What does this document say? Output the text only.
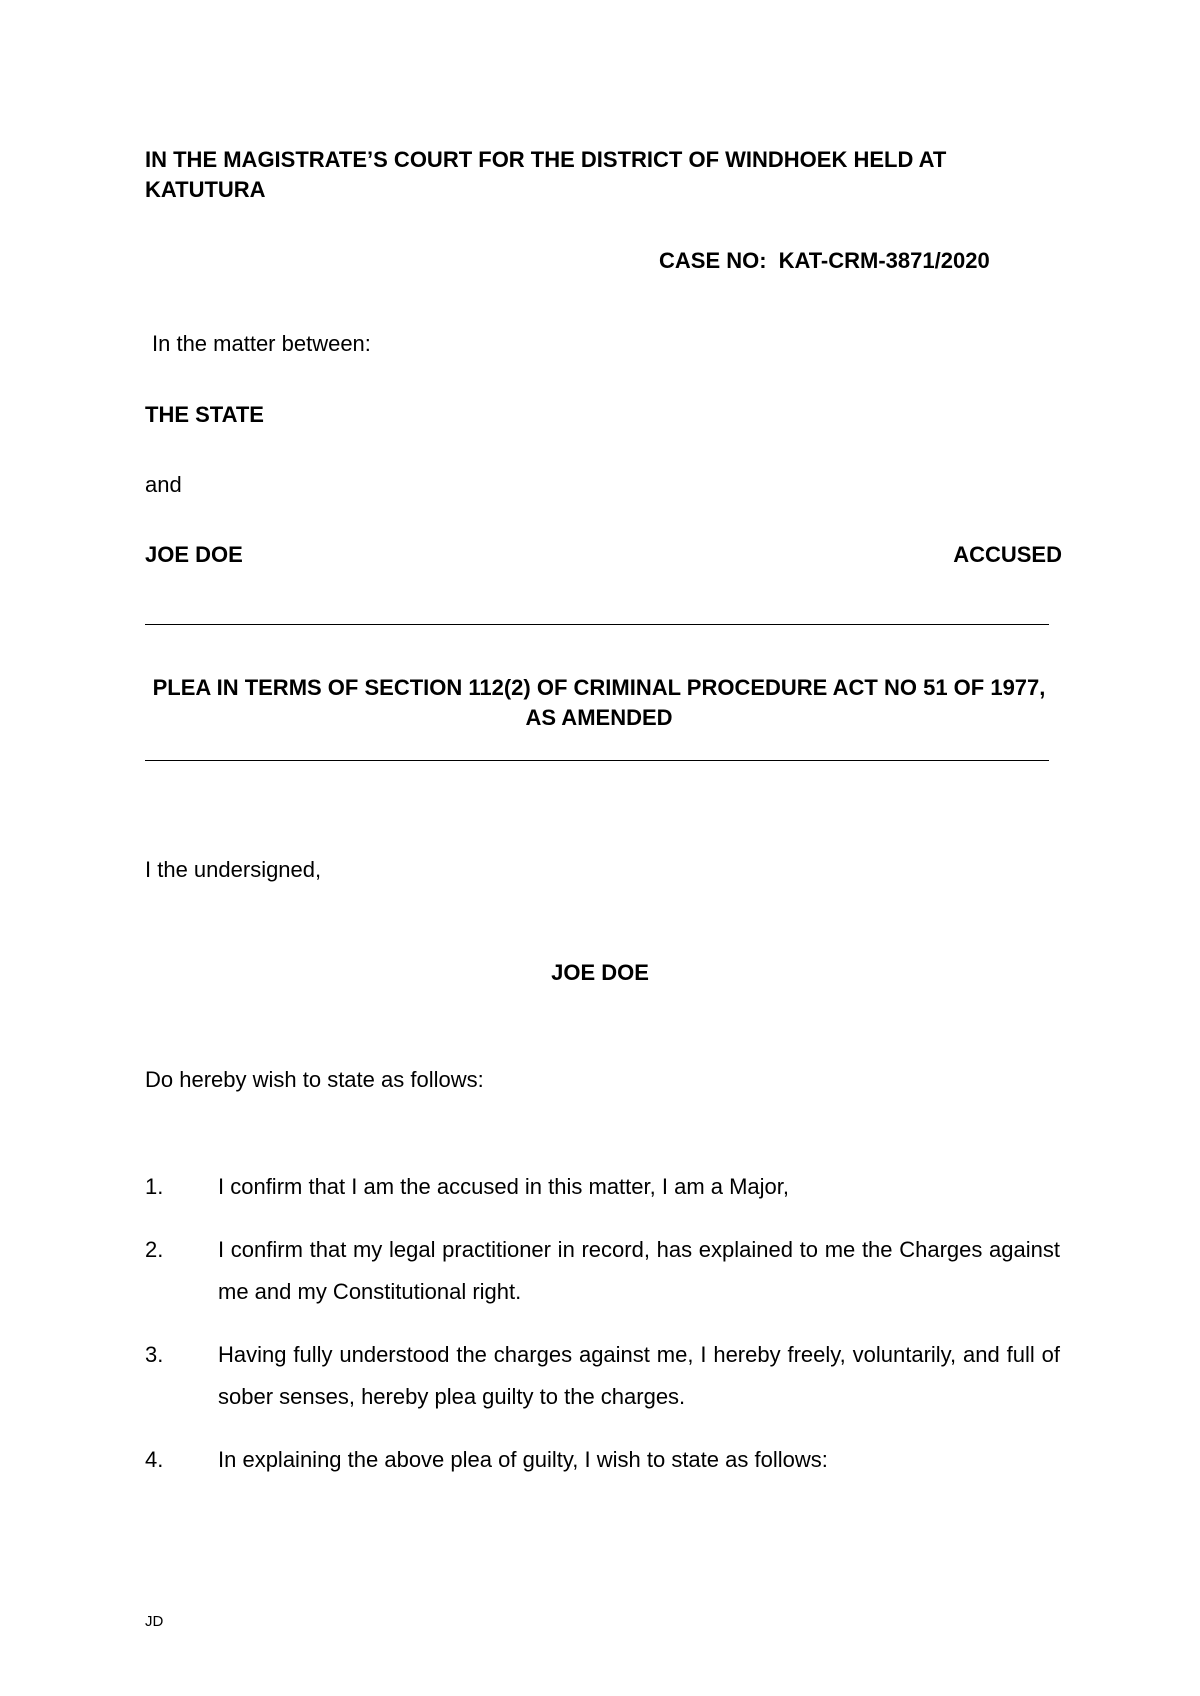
IN THE MAGISTRATE’S COURT FOR THE DISTRICT OF WINDHOEK HELD AT KATUTURA

CASE NO: KAT-CRM-3871/2020

In the matter between:

THE STATE

and

JOE DOE	ACCUSED

PLEA IN TERMS OF SECTION 112(2) OF CRIMINAL PROCEDURE ACT NO 51 OF 1977, AS AMENDED

I the undersigned,

JOE DOE

Do hereby wish to state as follows:

1. I confirm that I am the accused in this matter, I am a Major,
2. I confirm that my legal practitioner in record, has explained to me the Charges against me and my Constitutional right.
3. Having fully understood the charges against me, I hereby freely, voluntarily, and full of sober senses, hereby plea guilty to the charges.
4. In explaining the above plea of guilty, I wish to state as follows:
JD
